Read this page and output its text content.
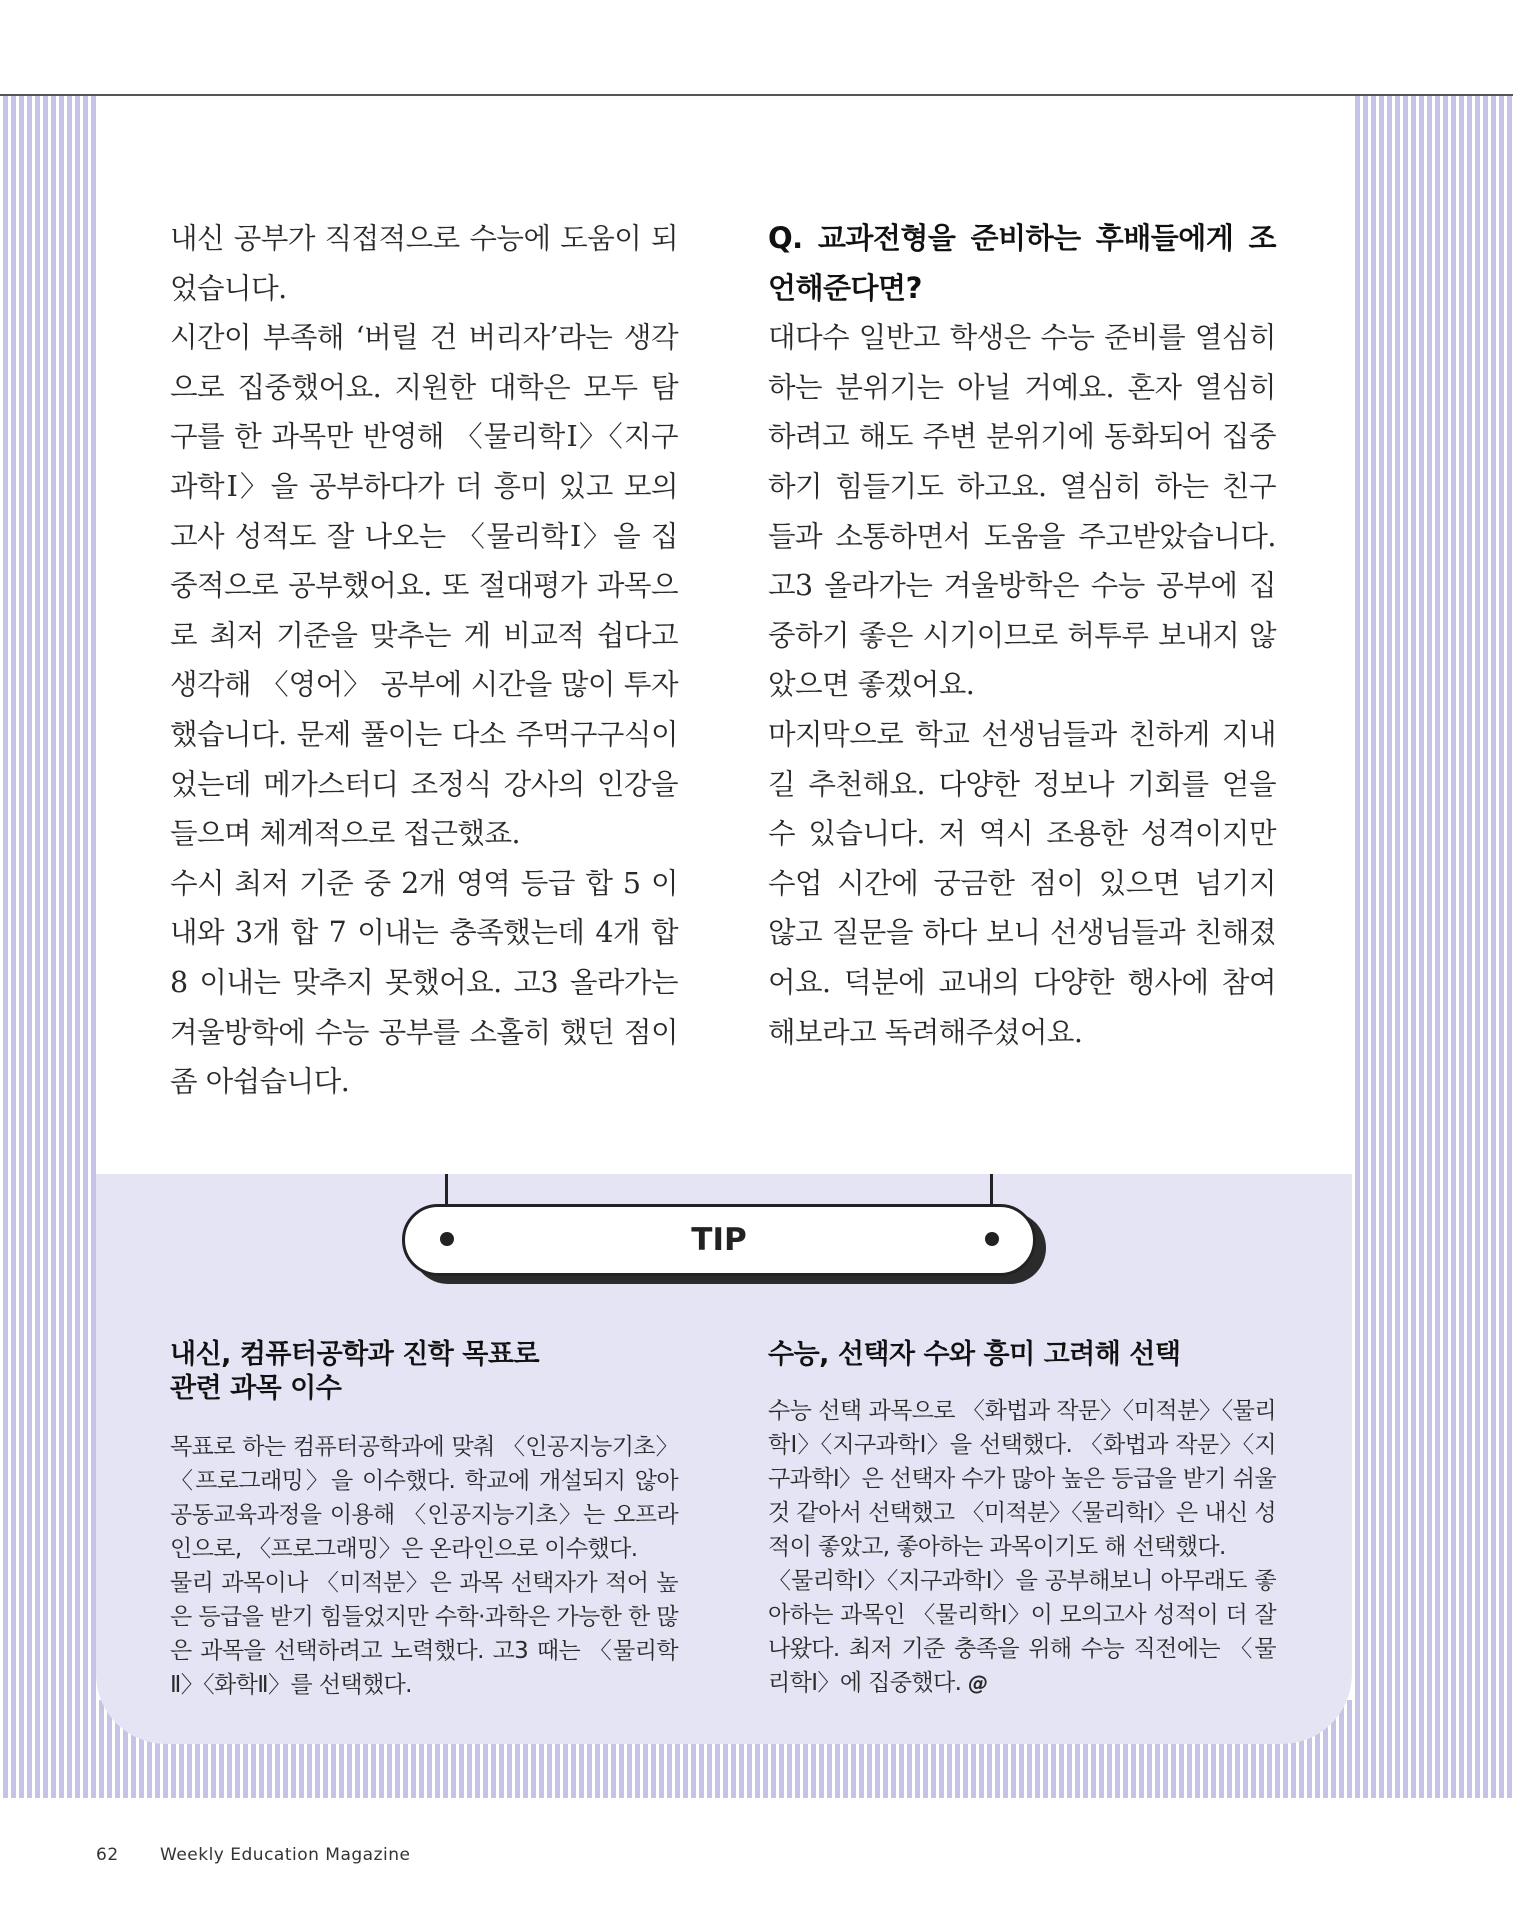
내신 공부가 직접적으로 수능에 도움이 되었습니다.

시간이 부족해 ‘버릴 건 버리자’라는 생각으로 집중했어요. 지원한 대학은 모두 탐구를 한 과목만 반영해 〈물리학Ⅰ〉〈지구과학Ⅰ〉을 공부하다가 더 흥미 있고 모의고사 성적도 잘 나오는 〈물리학Ⅰ〉을 집중적으로 공부했어요. 또 절대평가 과목으로 최저 기준을 맞추는 게 비교적 쉽다고 생각해 〈영어〉 공부에 시간을 많이 투자했습니다. 문제 풀이는 다소 주먹구구식이었는데 메가스터디 조정식 강사의 인강을 들으며 체계적으로 접근했죠.

수시 최저 기준 중 2개 영역 등급 합 5 이내와 3개 합 7 이내는 충족했는데 4개 합 8 이내는 맞추지 못했어요. 고3 올라가는 겨울방학에 수능 공부를 소홀히 했던 점이 좀 아쉽습니다.

Q. 교과전형을 준비하는 후배들에게 조언해준다면?

대다수 일반고 학생은 수능 준비를 열심히 하는 분위기는 아닐 거예요. 혼자 열심히 하려고 해도 주변 분위기에 동화되어 집중하기 힘들기도 하고요. 열심히 하는 친구들과 소통하면서 도움을 주고받았습니다. 고3 올라가는 겨울방학은 수능 공부에 집중하기 좋은 시기이므로 허투루 보내지 않았으면 좋겠어요.

마지막으로 학교 선생님들과 친하게 지내길 추천해요. 다양한 정보나 기회를 얻을 수 있습니다. 저 역시 조용한 성격이지만 수업 시간에 궁금한 점이 있으면 넘기지 않고 질문을 하다 보니 선생님들과 친해졌어요. 덕분에 교내의 다양한 행사에 참여해보라고 독려해주셨어요.

TIP
내신, 컴퓨터공학과 진학 목표로
관련 과목 이수

목표로 하는 컴퓨터공학과에 맞춰 〈인공지능기초〉〈프로그래밍〉을 이수했다. 학교에 개설되지 않아 공동교육과정을 이용해 〈인공지능기초〉는 오프라인으로, 〈프로그래밍〉은 온라인으로 이수했다.

물리 과목이나 〈미적분〉은 과목 선택자가 적어 높은 등급을 받기 힘들었지만 수학·과학은 가능한 한 많은 과목을 선택하려고 노력했다. 고3 때는 〈물리학Ⅱ〉〈화학Ⅱ〉를 선택했다.

수능, 선택자 수와 흥미 고려해 선택

수능 선택 과목으로 〈화법과 작문〉〈미적분〉〈물리학Ⅰ〉〈지구과학Ⅰ〉을 선택했다. 〈화법과 작문〉〈지구과학Ⅰ〉은 선택자 수가 많아 높은 등급을 받기 쉬울 것 같아서 선택했고 〈미적분〉〈물리학Ⅰ〉은 내신 성적이 좋았고, 좋아하는 과목이기도 해 선택했다.

〈물리학Ⅰ〉〈지구과학Ⅰ〉을 공부해보니 아무래도 좋아하는 과목인 〈물리학Ⅰ〉이 모의고사 성적이 더 잘 나왔다. 최저 기준 충족을 위해 수능 직전에는 〈물리학Ⅰ〉에 집중했다. @

62 Weekly Education Magazine
